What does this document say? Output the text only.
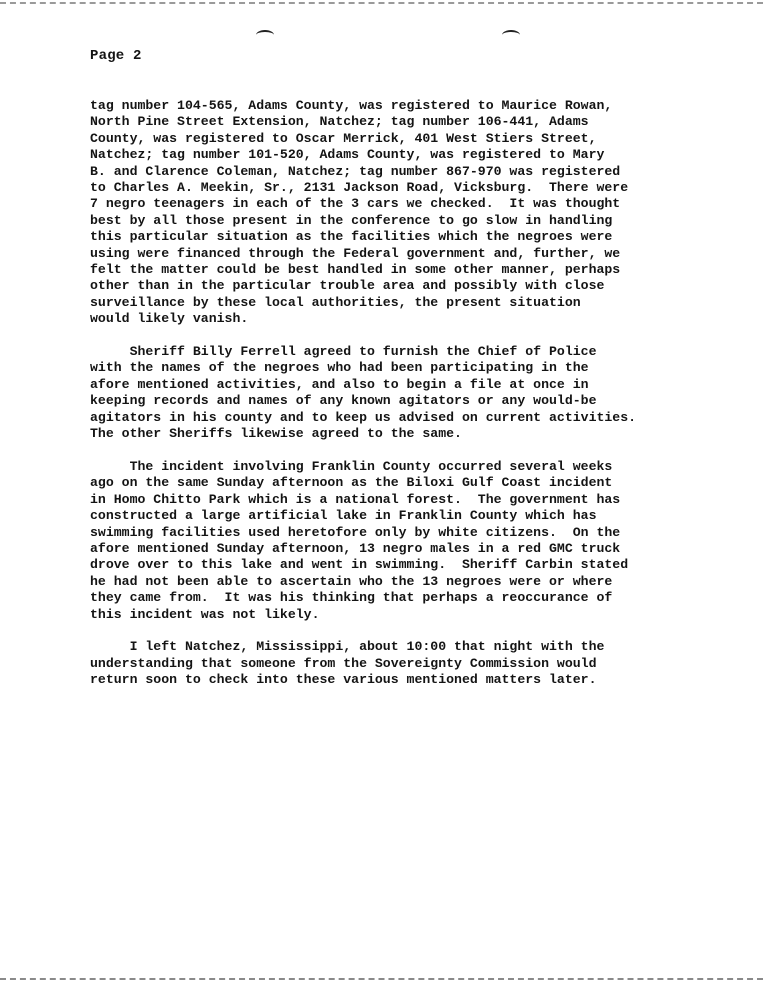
Page 2
tag number 104-565, Adams County, was registered to Maurice Rowan,
North Pine Street Extension, Natchez; tag number 106-441, Adams
County, was registered to Oscar Merrick, 401 West Stiers Street,
Natchez; tag number 101-520, Adams County, was registered to Mary
B. and Clarence Coleman, Natchez; tag number 867-970 was registered
to Charles A. Meekin, Sr., 2131 Jackson Road, Vicksburg.  There were
7 negro teenagers in each of the 3 cars we checked.  It was thought
best by all those present in the conference to go slow in handling
this particular situation as the facilities which the negroes were
using were financed through the Federal government and, further, we
felt the matter could be best handled in some other manner, perhaps
other than in the particular trouble area and possibly with close
surveillance by these local authorities, the present situation
would likely vanish.
Sheriff Billy Ferrell agreed to furnish the Chief of Police
with the names of the negroes who had been participating in the
afore mentioned activities, and also to begin a file at once in
keeping records and names of any known agitators or any would-be
agitators in his county and to keep us advised on current activities.
The other Sheriffs likewise agreed to the same.
The incident involving Franklin County occurred several weeks
ago on the same Sunday afternoon as the Biloxi Gulf Coast incident
in Homo Chitto Park which is a national forest.  The government has
constructed a large artificial lake in Franklin County which has
swimming facilities used heretofore only by white citizens.  On the
afore mentioned Sunday afternoon, 13 negro males in a red GMC truck
drove over to this lake and went in swimming.  Sheriff Carbin stated
he had not been able to ascertain who the 13 negroes were or where
they came from.  It was his thinking that perhaps a reoccurance of
this incident was not likely.
I left Natchez, Mississippi, about 10:00 that night with the
understanding that someone from the Sovereignty Commission would
return soon to check into these various mentioned matters later.
